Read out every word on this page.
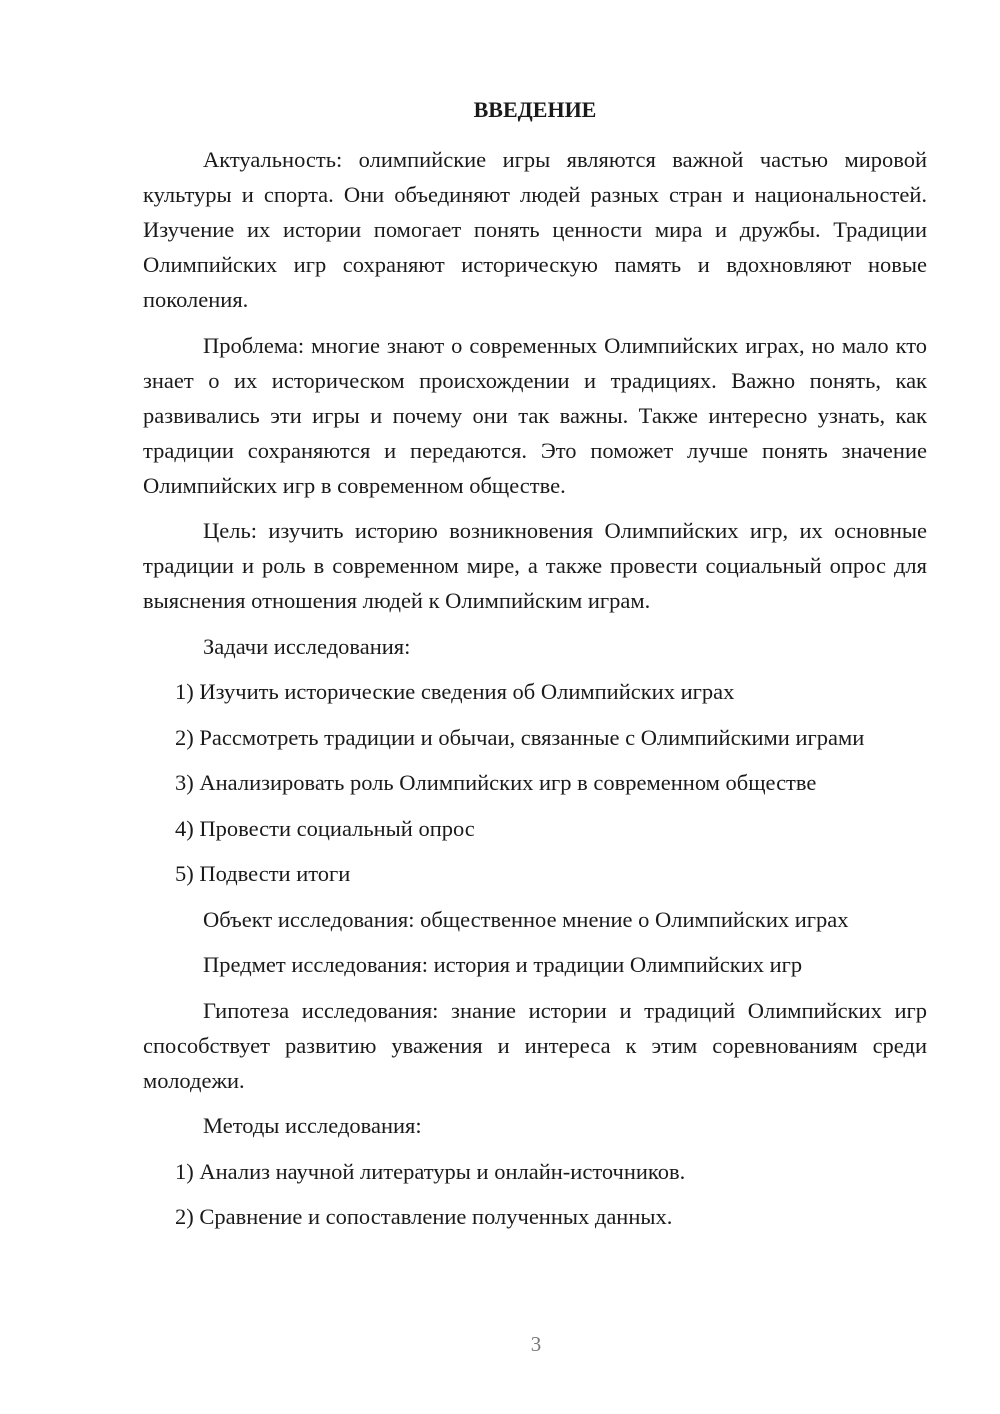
ВВЕДЕНИЕ

Актуальность: олимпийские игры являются важной частью мировой культуры и спорта. Они объединяют людей разных стран и национальностей. Изучение их истории помогает понять ценности мира и дружбы. Традиции Олимпийских игр сохраняют историческую память и вдохновляют новые поколения.

Проблема: многие знают о современных Олимпийских играх, но мало кто знает о их историческом происхождении и традициях. Важно понять, как развивались эти игры и почему они так важны. Также интересно узнать, как традиции сохраняются и передаются. Это поможет лучше понять значение Олимпийских игр в современном обществе.

Цель: изучить историю возникновения Олимпийских игр, их основные традиции и роль в современном мире, а также провести социальный опрос для выяснения отношения людей к Олимпийским играм.

Задачи исследования:

1) Изучить исторические сведения об Олимпийских играх

2) Рассмотреть традиции и обычаи, связанные с Олимпийскими играми

3) Анализировать роль Олимпийских игр в современном обществе

4) Провести социальный опрос

5) Подвести итоги

Объект исследования: общественное мнение о Олимпийских играх

Предмет исследования: история и традиции Олимпийских игр

Гипотеза исследования: знание истории и традиций Олимпийских игр способствует развитию уважения и интереса к этим соревнованиям среди молодежи.

Методы исследования:

1) Анализ научной литературы и онлайн-источников.

2) Сравнение и сопоставление полученных данных.

3
